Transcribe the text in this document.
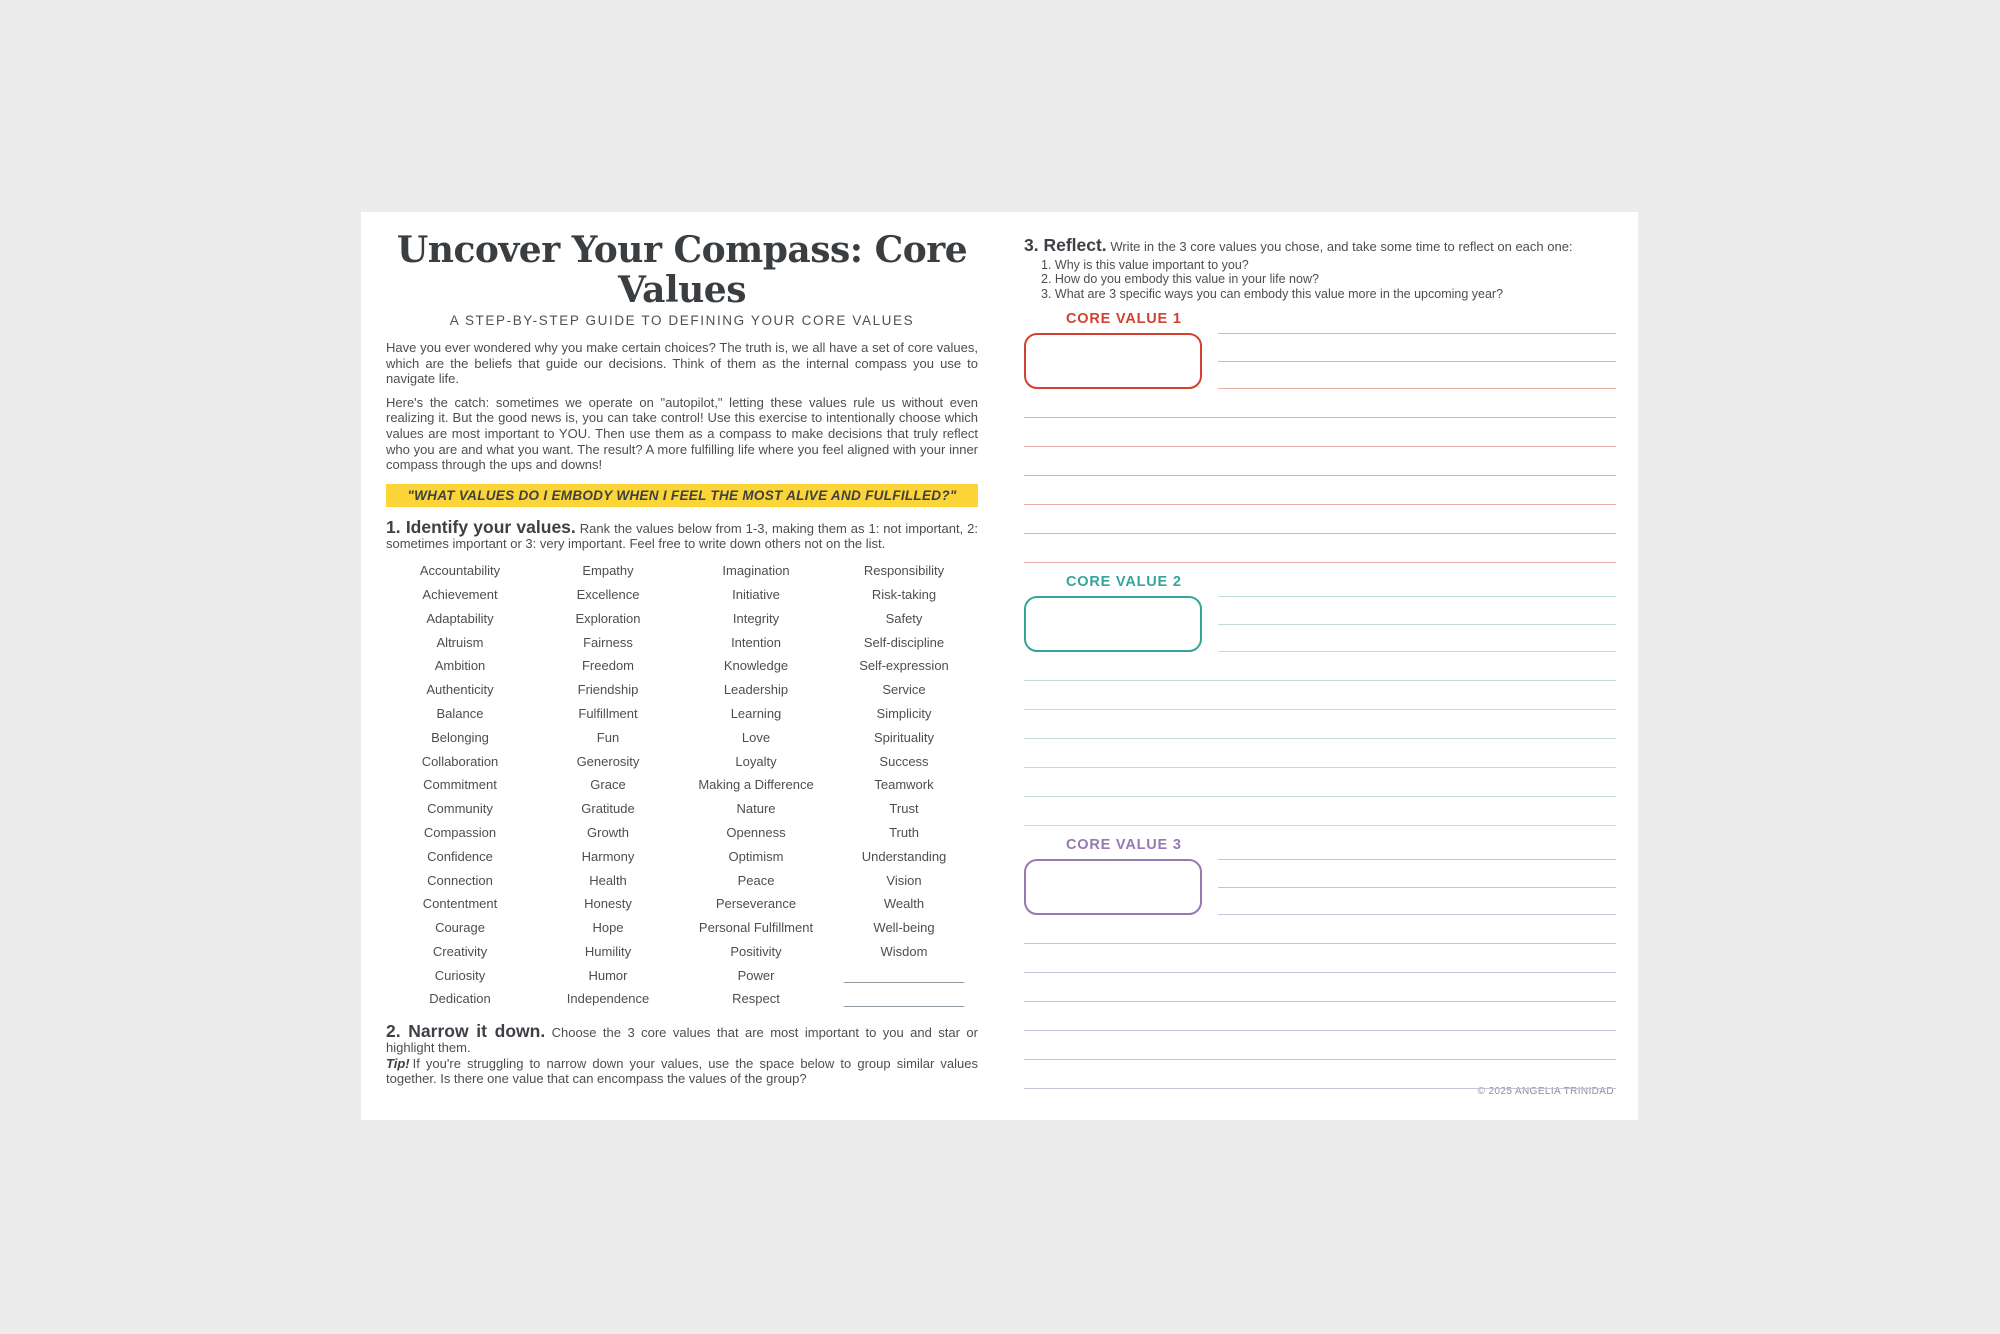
Uncover Your Compass: Core Values
A STEP-BY-STEP GUIDE TO DEFINING YOUR CORE VALUES

Have you ever wondered why you make certain choices? The truth is, we all have a set of core values, which are the beliefs that guide our decisions. Think of them as the internal compass you use to navigate life.

Here's the catch: sometimes we operate on "autopilot," letting these values rule us without even realizing it. But the good news is, you can take control! Use this exercise to intentionally choose which values are most important to YOU. Then use them as a compass to make decisions that truly reflect who you are and what you want. The result? A more fulfilling life where you feel aligned with your inner compass through the ups and downs!

"WHAT VALUES DO I EMBODY WHEN I FEEL THE MOST ALIVE AND FULFILLED?"
1. Identify your values. Rank the values below from 1-3, making them as 1: not important, 2: sometimes important or 3: very important. Feel free to write down others not on the list.
Accountability	Empathy	Imagination	Responsibility
Achievement	Excellence	Initiative	Risk-taking
Adaptability	Exploration	Integrity	Safety
Altruism	Fairness	Intention	Self-discipline
Ambition	Freedom	Knowledge	Self-expression
Authenticity	Friendship	Leadership	Service
Balance	Fulfillment	Learning	Simplicity
Belonging	Fun	Love	Spirituality
Collaboration	Generosity	Loyalty	Success
Commitment	Grace	Making a Difference	Teamwork
Community	Gratitude	Nature	Trust
Compassion	Growth	Openness	Truth
Confidence	Harmony	Optimism	Understanding
Connection	Health	Peace	Vision
Contentment	Honesty	Perseverance	Wealth
Courage	Hope	Personal Fulfillment	Well-being
Creativity	Humility	Positivity	Wisdom
Curiosity	Humor	Power
Dedication	Independence	Respect
2. Narrow it down. Choose the 3 core values that are most important to you and star or highlight them.
Tip! If you're struggling to narrow down your values, use the space below to group similar values together. Is there one value that can encompass the values of the group?
3. Reflect. Write in the 3 core values you chose, and take some time to reflect on each one:
1. Why is this value important to you?
2. How do you embody this value in your life now?
3. What are 3 specific ways you can embody this value more in the upcoming year?
© 2025 ANGELIA TRINIDAD
CORE VALUE 1
CORE VALUE 2
CORE VALUE 3
